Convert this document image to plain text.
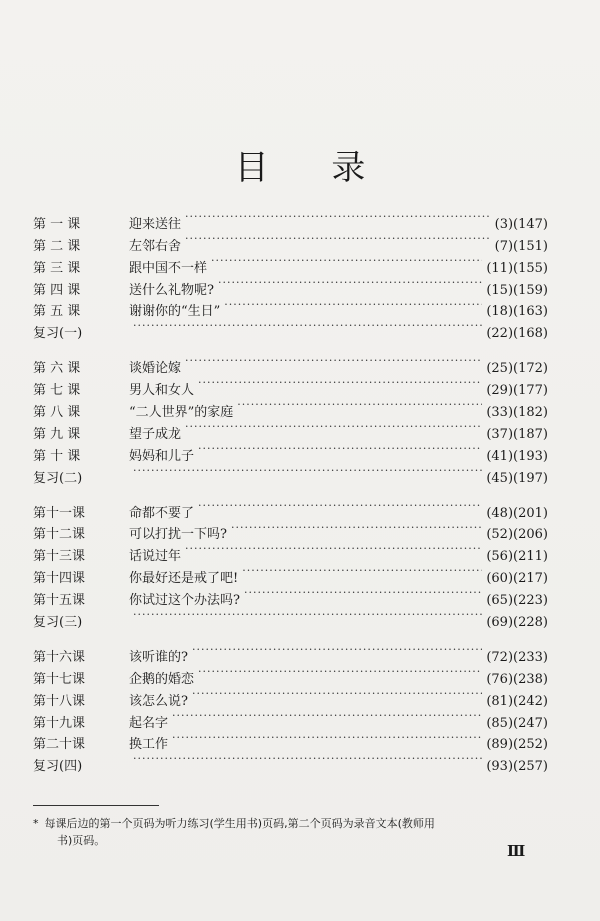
目 录
第 一 课	迎来送往 ·····	(3)(147)
第 二 课	左邻右舍 ·····	(7)(151)
第 三 课	跟中国不一样 ·····	(11)(155)
第 四 课	送什么礼物呢? ·····	(15)(159)
第 五 课	谢谢你的“生日” ·····	(18)(163)
复习(一) ·····	(22)(168)
第 六 课	谈婚论嫁 ·····	(25)(172)
第 七 课	男人和女人 ·····	(29)(177)
第 八 课	“二人世界”的家庭 ·····	(33)(182)
第 九 课	望子成龙 ·····	(37)(187)
第 十 课	妈妈和儿子 ·····	(41)(193)
复习(二) ·····	(45)(197)
第十一课	命都不要了 ·····	(48)(201)
第十二课	可以打扰一下吗? ·····	(52)(206)
第十三课	话说过年 ·····	(56)(211)
第十四课	你最好还是戒了吧! ·····	(60)(217)
第十五课	你试过这个办法吗? ·····	(65)(223)
复习(三) ·····	(69)(228)
第十六课	该听谁的? ·····	(72)(233)
第十七课	企鹅的婚恋 ·····	(76)(238)
第十八课	该怎么说? ·····	(81)(242)
第十九课	起名字 ·····	(85)(247)
第二十课	换工作 ·····	(89)(252)
复习(四) ·····	(93)(257)
* 每课后边的第一个页码为听力练习(学生用书)页码,第二个页码为录音文本(教师用
书)页码。
Ⅲ
